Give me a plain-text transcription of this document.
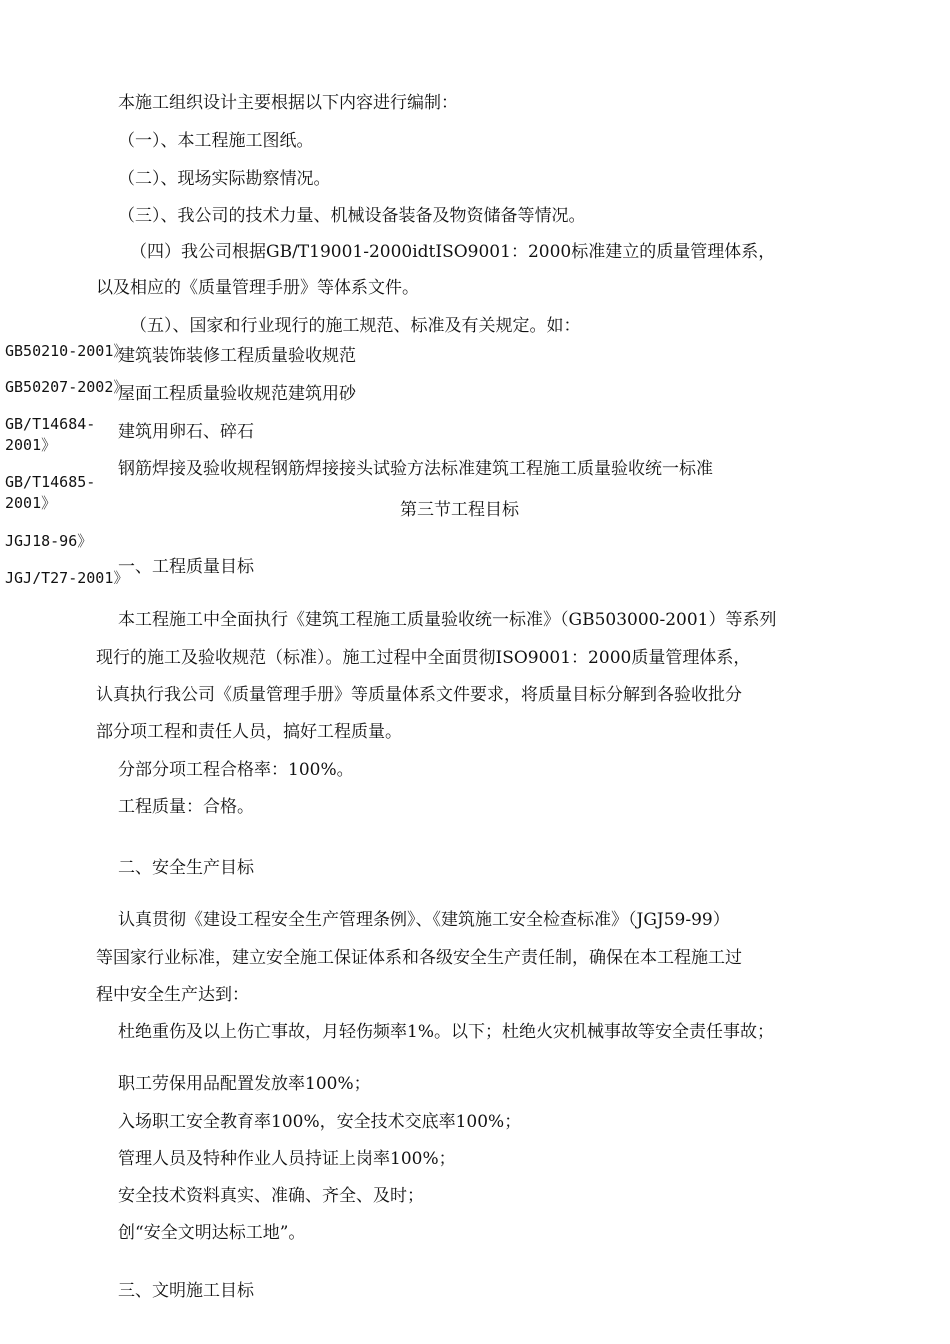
本施工组织设计主要根据以下内容进行编制：
（一）、本工程施工图纸。
（二）、现场实际勘察情况。
（三）、我公司的技术力量、机械设备装备及物资储备等情况。
（四）我公司根据GB/T19001-2000idtISO9001：2000标准建立的质量管理体系，
以及相应的《质量管理手册》等体系文件。
（五）、国家和行业现行的施工规范、标准及有关规定。如：
GB50210-2001》
GB50207-2002》
GB/T14684-
2001》
GB/T14685-
2001》
JGJ18-96》
JGJ/T27-2001》
建筑装饰装修工程质量验收规范
屋面工程质量验收规范建筑用砂
建筑用卵石、碎石
钢筋焊接及验收规程钢筋焊接接头试验方法标准建筑工程施工质量验收统一标准
第三节工程目标
一、工程质量目标
本工程施工中全面执行《建筑工程施工质量验收统一标准》（GB503000-2001）等系列
现行的施工及验收规范（标准）。施工过程中全面贯彻ISO9001：2000质量管理体系，
认真执行我公司《质量管理手册》等质量体系文件要求，将质量目标分解到各验收批分
部分项工程和责任人员，搞好工程质量。
分部分项工程合格率：100%。
工程质量：合格。
二、安全生产目标
认真贯彻《建设工程安全生产管理条例》、《建筑施工安全检查标准》（JGJ59-99）
等国家行业标准，建立安全施工保证体系和各级安全生产责任制，确保在本工程施工过
程中安全生产达到：
杜绝重伤及以上伤亡事故，月轻伤频率1%。以下；杜绝火灾机械事故等安全责任事故；
职工劳保用品配置发放率100%；
入场职工安全教育率100%，安全技术交底率100%；
管理人员及特种作业人员持证上岗率100%；
安全技术资料真实、准确、齐全、及时；
创“安全文明达标工地”。
三、文明施工目标
